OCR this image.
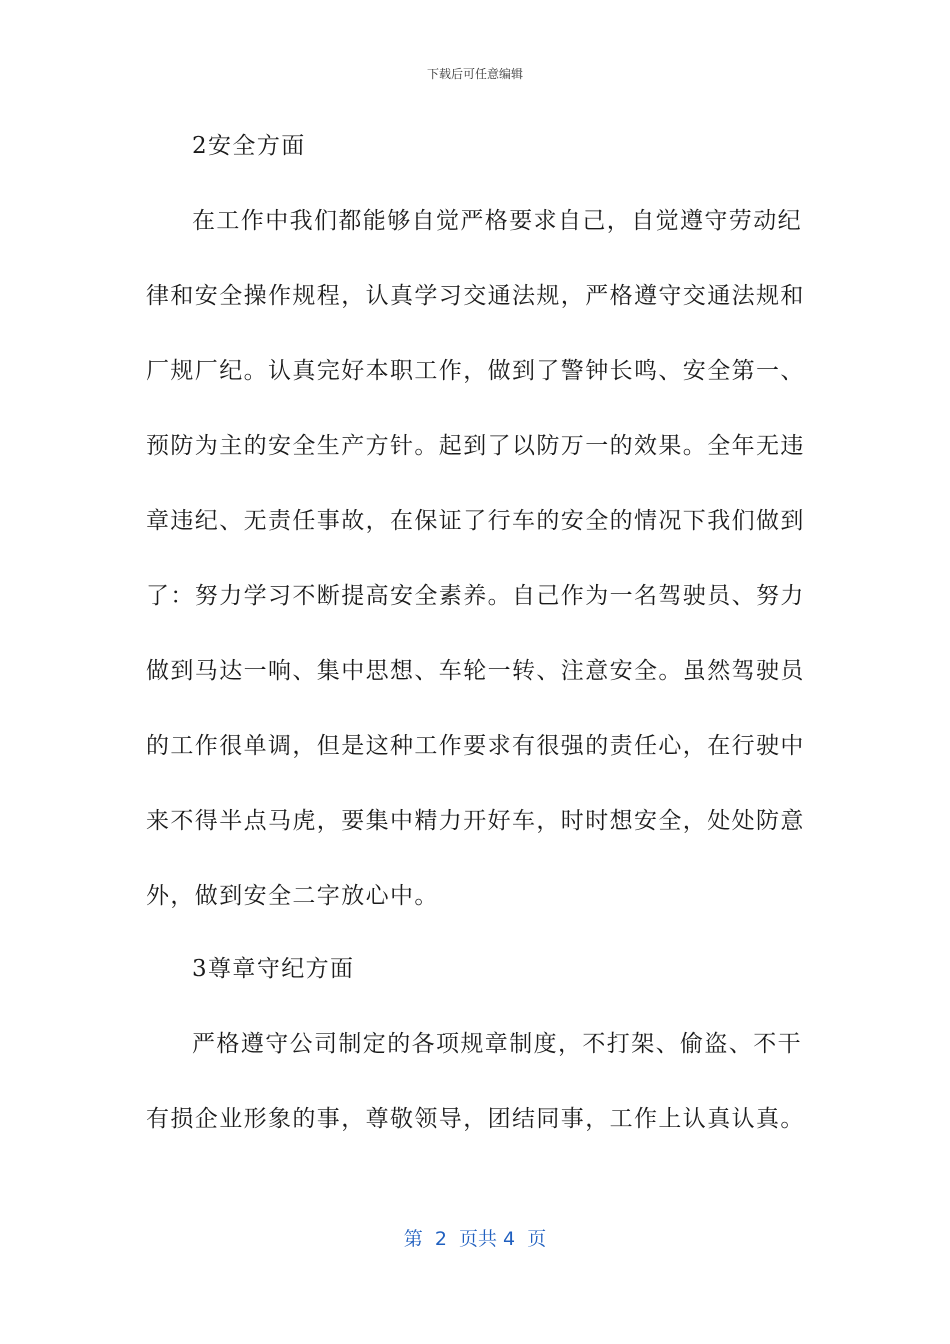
下载后可任意编辑
2安全方面
在工作中我们都能够自觉严格要求自己，自觉遵守劳动纪
律和安全操作规程，认真学习交通法规，严格遵守交通法规和
厂规厂纪。认真完好本职工作，做到了警钟长鸣、安全第一、
预防为主的安全生产方针。起到了以防万一的效果。全年无违
章违纪、无责任事故，在保证了行车的安全的情况下我们做到
了：努力学习不断提高安全素养。自己作为一名驾驶员、努力
做到马达一响、集中思想、车轮一转、注意安全。虽然驾驶员
的工作很单调，但是这种工作要求有很强的责任心，在行驶中
来不得半点马虎，要集中精力开好车，时时想安全，处处防意
外，做到安全二字放心中。
3尊章守纪方面
严格遵守公司制定的各项规章制度，不打架、偷盗、不干
有损企业形象的事，尊敬领导，团结同事，工作上认真认真。
第  2  页共 4  页
